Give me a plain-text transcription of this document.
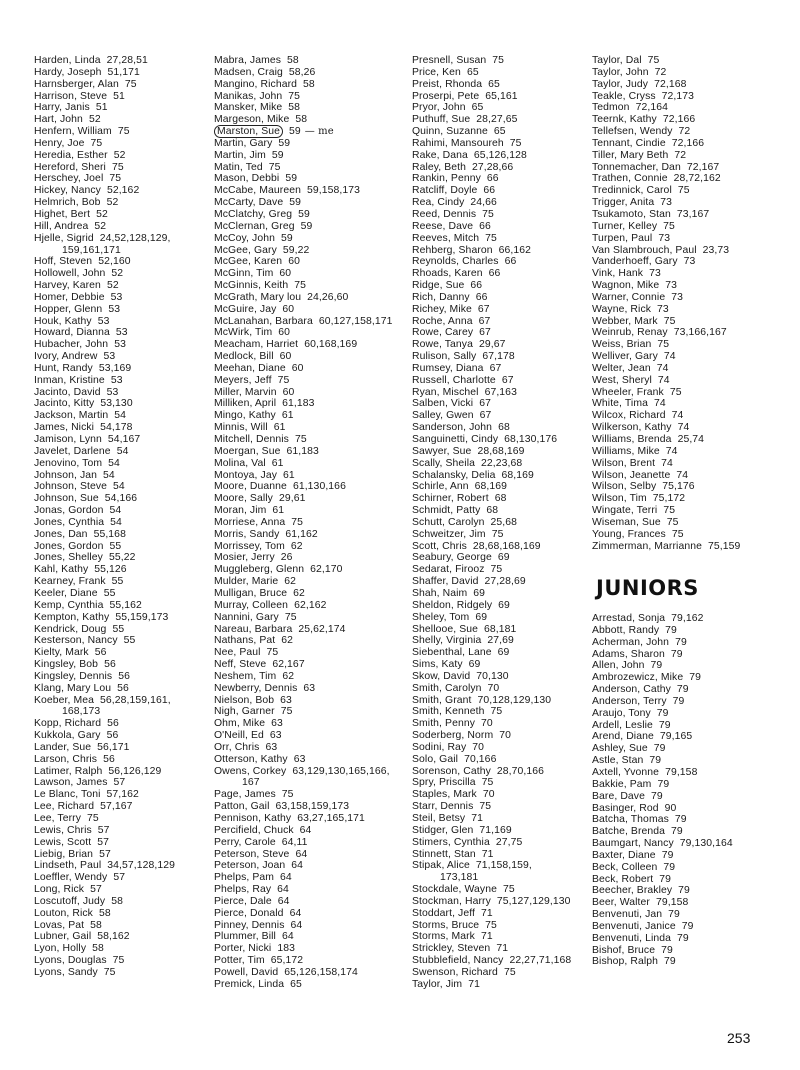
Harden, Linda 27,28,51
Hardy, Joseph 51,171
Harnsberger, Alan 75
Harrison, Steve 51
Harry, Janis 51
Hart, John 52
Henfern, William 75
Henry, Joe 75
Heredia, Esther 52
Hereford, Sheri 75
Herschey, Joel 75
Hickey, Nancy 52,162
Helmrich, Bob 52
Highet, Bert 52
Hill, Andrea 52
Hjelle, Sigrid 24,52,128,129,
159,161,171
Hoff, Steven 52,160
Hollowell, John 52
Harvey, Karen 52
Homer, Debbie 53
Hopper, Glenn 53
Houk, Kathy 53
Howard, Dianna 53
Hubacher, John 53
Ivory, Andrew 53
Hunt, Randy 53,169
Inman, Kristine 53
Jacinto, David 53
Jacinto, Kitty 53,130
Jackson, Martin 54
James, Nicki 54,178
Jamison, Lynn 54,167
Javelet, Darlene 54
Jenovino, Tom 54
Johnson, Jan 54
Johnson, Steve 54
Johnson, Sue 54,166
Jonas, Gordon 54
Jones, Cynthia 54
Jones, Dan 55,168
Jones, Gordon 55
Jones, Shelley 55,22
Kahl, Kathy 55,126
Kearney, Frank 55
Keeler, Diane 55
Kemp, Cynthia 55,162
Kempton, Kathy 55,159,173
Kendrick, Doug 55
Kesterson, Nancy 55
Kielty, Mark 56
Kingsley, Bob 56
Kingsley, Dennis 56
Klang, Mary Lou 56
Koeber, Mea 56,28,159,161,
168,173
Kopp, Richard 56
Kukkola, Gary 56
Lander, Sue 56,171
Larson, Chris 56
Latimer, Ralph 56,126,129
Lawson, James 57
Le Blanc, Toni 57,162
Lee, Richard 57,167
Lee, Terry 75
Lewis, Chris 57
Lewis, Scott 57
Liebig, Brian 57
Lindseth, Paul 34,57,128,129
Loeffler, Wendy 57
Long, Rick 57
Loscutoff, Judy 58
Louton, Rick 58
Lovas, Pat 58
Lubner, Gail 58,162
Lyon, Holly 58
Lyons, Douglas 75
Lyons, Sandy 75
Mabra, James 58
Madsen, Craig 58,26
Mangino, Richard 58
Manikas, John 75
Mansker, Mike 58
Margeson, Mike 58
Marston, Sue 59 — me
Martin, Gary 59
Martin, Jim 59
Matin, Ted 75
Mason, Debbi 59
McCabe, Maureen 59,158,173
McCarty, Dave 59
McClatchy, Greg 59
McClernan, Greg 59
McCoy, John 59
McGee, Gary 59,22
McGee, Karen 60
McGinn, Tim 60
McGinnis, Keith 75
McGrath, Mary lou 24,26,60
McGuire, Jay 60
McLanahan, Barbara 60,127,158,171
McWirk, Tim 60
Meacham, Harriet 60,168,169
Medlock, Bill 60
Meehan, Diane 60
Meyers, Jeff 75
Miller, Marvin 60
Milliken, April 61,183
Mingo, Kathy 61
Minnis, Will 61
Mitchell, Dennis 75
Moergan, Sue 61,183
Molina, Val 61
Montoya, Jay 61
Moore, Duanne 61,130,166
Moore, Sally 29,61
Moran, Jim 61
Morriese, Anna 75
Morris, Sandy 61,162
Morrissey, Tom 62
Mosier, Jerry 26
Muggleberg, Glenn 62,170
Mulder, Marie 62
Mulligan, Bruce 62
Murray, Colleen 62,162
Nannini, Gary 75
Nareau, Barbara 25,62,174
Nathans, Pat 62
Nee, Paul 75
Neff, Steve 62,167
Neshem, Tim 62
Newberry, Dennis 63
Nielson, Bob 63
Nigh, Garner 75
Ohm, Mike 63
O'Neill, Ed 63
Orr, Chris 63
Otterson, Kathy 63
Owens, Corkey 63,129,130,165,166,
167
Page, James 75
Patton, Gail 63,158,159,173
Pennison, Kathy 63,27,165,171
Percifield, Chuck 64
Perry, Carole 64,11
Peterson, Steve 64
Peterson, Joan 64
Phelps, Pam 64
Phelps, Ray 64
Pierce, Dale 64
Pierce, Donald 64
Pinney, Dennis 64
Plummer, Bill 64
Porter, Nicki 183
Potter, Tim 65,172
Powell, David 65,126,158,174
Premick, Linda 65
Presnell, Susan 75
Price, Ken 65
Preist, Rhonda 65
Proserpi, Pete 65,161
Pryor, John 65
Puthuff, Sue 28,27,65
Quinn, Suzanne 65
Rahimi, Mansoureh 75
Rake, Dana 65,126,128
Raley, Beth 27,28,66
Rankin, Penny 66
Ratcliff, Doyle 66
Rea, Cindy 24,66
Reed, Dennis 75
Reese, Dave 66
Reeves, Mitch 75
Rehberg, Sharon 66,162
Reynolds, Charles 66
Rhoads, Karen 66
Ridge, Sue 66
Rich, Danny 66
Richey, Mike 67
Roche, Anna 67
Rowe, Carey 67
Rowe, Tanya 29,67
Rulison, Sally 67,178
Rumsey, Diana 67
Russell, Charlotte 67
Ryan, Mischel 67,163
Salben, Vicki 67
Salley, Gwen 67
Sanderson, John 68
Sanguinetti, Cindy 68,130,176
Sawyer, Sue 28,68,169
Scally, Sheila 22,23,68
Schalansky, Delia 68,169
Schirle, Ann 68,169
Schirner, Robert 68
Schmidt, Patty 68
Schutt, Carolyn 25,68
Schweitzer, Jim 75
Scott, Chris 28,68,168,169
Seabury, George 69
Sedarat, Firooz 75
Shaffer, David 27,28,69
Shah, Naim 69
Sheldon, Ridgely 69
Sheley, Tom 69
Shellooe, Sue 68,181
Shelly, Virginia 27,69
Siebenthal, Lane 69
Sims, Katy 69
Skow, David 70,130
Smith, Carolyn 70
Smith, Grant 70,128,129,130
Smith, Kenneth 75
Smith, Penny 70
Soderberg, Norm 70
Sodini, Ray 70
Solo, Gail 70,166
Sorenson, Cathy 28,70,166
Spry, Priscilla 75
Staples, Mark 70
Starr, Dennis 75
Steil, Betsy 71
Stidger, Glen 71,169
Stimers, Cynthia 27,75
Stinnett, Stan 71
Stipak, Alice 71,158,159,
173,181
Stockdale, Wayne 75
Stockman, Harry 75,127,129,130
Stoddart, Jeff 71
Storms, Bruce 75
Storms, Mark 71
Strickley, Steven 71
Stubblefield, Nancy 22,27,71,168
Swenson, Richard 75
Taylor, Jim 71
Taylor, Dal 75
Taylor, John 72
Taylor, Judy 72,168
Teakle, Cryss 72,173
Tedmon 72,164
Teernk, Kathy 72,166
Tellefsen, Wendy 72
Tennant, Cindie 72,166
Tiller, Mary Beth 72
Tonnemacher, Dan 72,167
Trathen, Connie 28,72,162
Tredinnick, Carol 75
Trigger, Anita 73
Tsukamoto, Stan 73,167
Turner, Kelley 75
Turpen, Paul 73
Van Slambrouch, Paul 23,73
Vanderhoeff, Gary 73
Vink, Hank 73
Wagnon, Mike 73
Warner, Connie 73
Wayne, Rick 73
Webber, Mark 75
Weinrub, Renay 73,166,167
Weiss, Brian 75
Welliver, Gary 74
Welter, Jean 74
West, Sheryl 74
Wheeler, Frank 75
White, Tima 74
Wilcox, Richard 74
Wilkerson, Kathy 74
Williams, Brenda 25,74
Williams, Mike 74
Wilson, Brent 74
Wilson, Jeanette 74
Wilson, Selby 75,176
Wilson, Tim 75,172
Wingate, Terri 75
Wiseman, Sue 75
Young, Frances 75
Zimmerman, Marrianne 75,159
JUNIORS
Arrestad, Sonja 79,162
Abbott, Randy 79
Acherman, John 79
Adams, Sharon 79
Allen, John 79
Ambrozewicz, Mike 79
Anderson, Cathy 79
Anderson, Terry 79
Araujo, Tony 79
Ardell, Leslie 79
Arend, Diane 79,165
Ashley, Sue 79
Astle, Stan 79
Axtell, Yvonne 79,158
Bakkie, Pam 79
Bare, Dave 79
Basinger, Rod 90
Batcha, Thomas 79
Batche, Brenda 79
Baumgart, Nancy 79,130,164
Baxter, Diane 79
Beck, Colleen 79
Beck, Robert 79
Beecher, Brakley 79
Beer, Walter 79,158
Benvenuti, Jan 79
Benvenuti, Janice 79
Benvenuti, Linda 79
Bishof, Bruce 79
Bishop, Ralph 79
253
